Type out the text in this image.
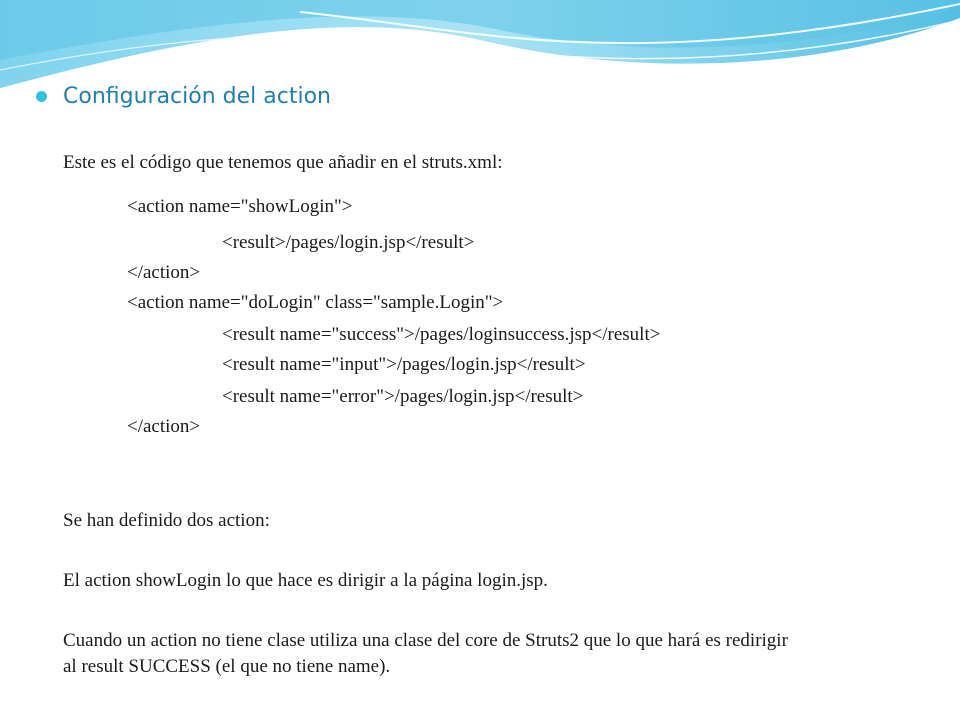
Configuración del action
Este es el código que tenemos que añadir en el struts.xml:
<action name="showLogin">
<result>/pages/login.jsp</result>
</action>
<action name="doLogin" class="sample.Login">
<result name="success">/pages/loginsuccess.jsp</result>
<result name="input">/pages/login.jsp</result>
<result name="error">/pages/login.jsp</result>
</action>
Se han definido dos action:
El action showLogin lo que hace es dirigir a la página login.jsp.
Cuando un action no tiene clase utiliza una clase del core de Struts2 que lo que hará es redirigir
al result SUCCESS (el que no tiene name).
